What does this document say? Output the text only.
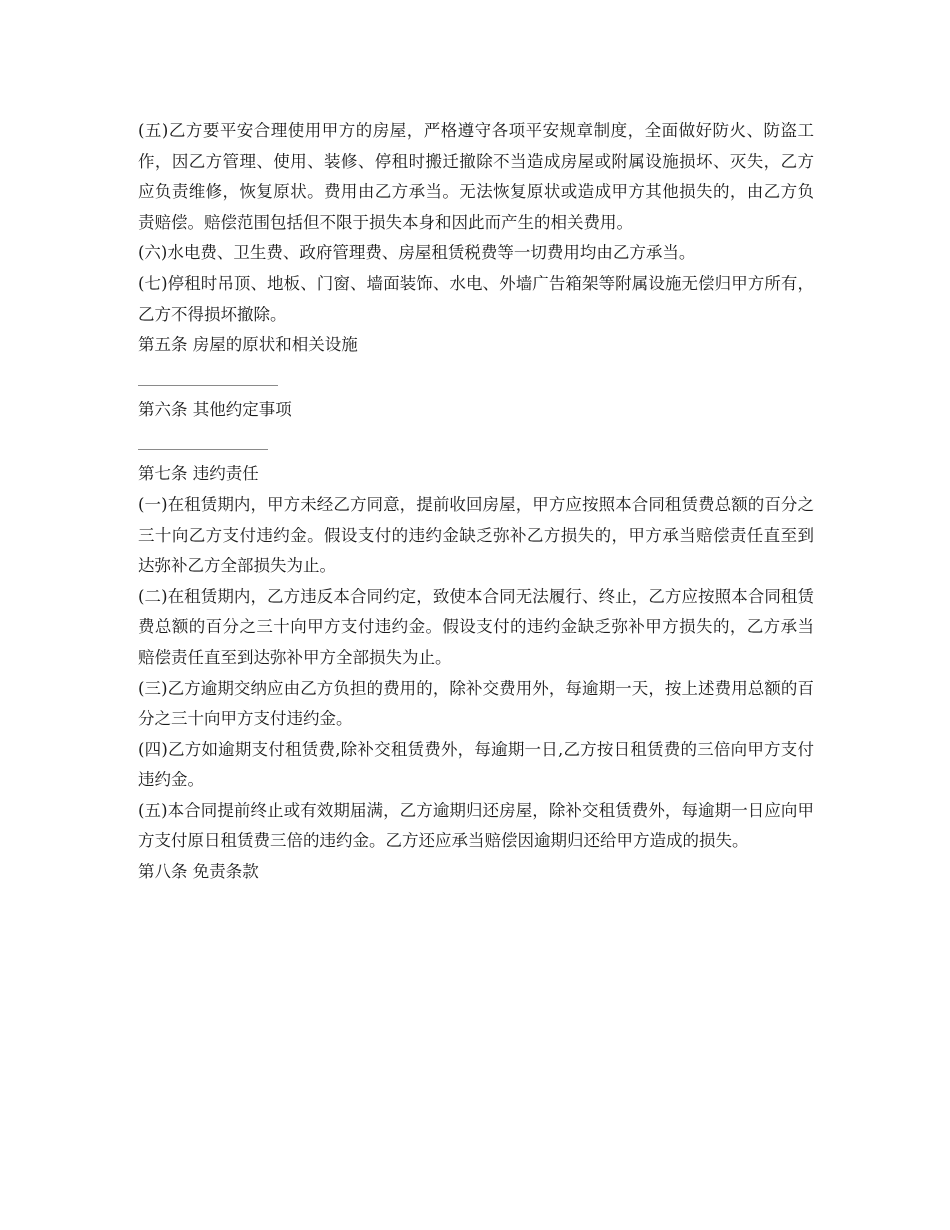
(五)乙方要平安合理使用甲方的房屋，严格遵守各项平安规章制度，全面做好防火、防盗工作，因乙方管理、使用、装修、停租时搬迁撤除不当造成房屋或附属设施损坏、灭失，乙方应负责维修，恢复原状。费用由乙方承当。无法恢复原状或造成甲方其他损失的，由乙方负责赔偿。赔偿范围包括但不限于损失本身和因此而产生的相关费用。

(六)水电费、卫生费、政府管理费、房屋租赁税费等一切费用均由乙方承当。

(七)停租时吊顶、地板、门窗、墙面装饰、水电、外墙广告箱架等附属设施无偿归甲方所有，乙方不得损坏撤除。

第五条 房屋的原状和相关设施

第六条 其他约定事项

第七条 违约责任

(一)在租赁期内，甲方未经乙方同意，提前收回房屋，甲方应按照本合同租赁费总额的百分之三十向乙方支付违约金。假设支付的违约金缺乏弥补乙方损失的，甲方承当赔偿责任直至到达弥补乙方全部损失为止。

(二)在租赁期内，乙方违反本合同约定，致使本合同无法履行、终止，乙方应按照本合同租赁费总额的百分之三十向甲方支付违约金。假设支付的违约金缺乏弥补甲方损失的，乙方承当赔偿责任直至到达弥补甲方全部损失为止。

(三)乙方逾期交纳应由乙方负担的费用的，除补交费用外，每逾期一天，按上述费用总额的百分之三十向甲方支付违约金。

(四)乙方如逾期支付租赁费,除补交租赁费外，每逾期一日,乙方按日租赁费的三倍向甲方支付违约金。

(五)本合同提前终止或有效期届满，乙方逾期归还房屋，除补交租赁费外，每逾期一日应向甲方支付原日租赁费三倍的违约金。乙方还应承当赔偿因逾期归还给甲方造成的损失。

第八条 免责条款
